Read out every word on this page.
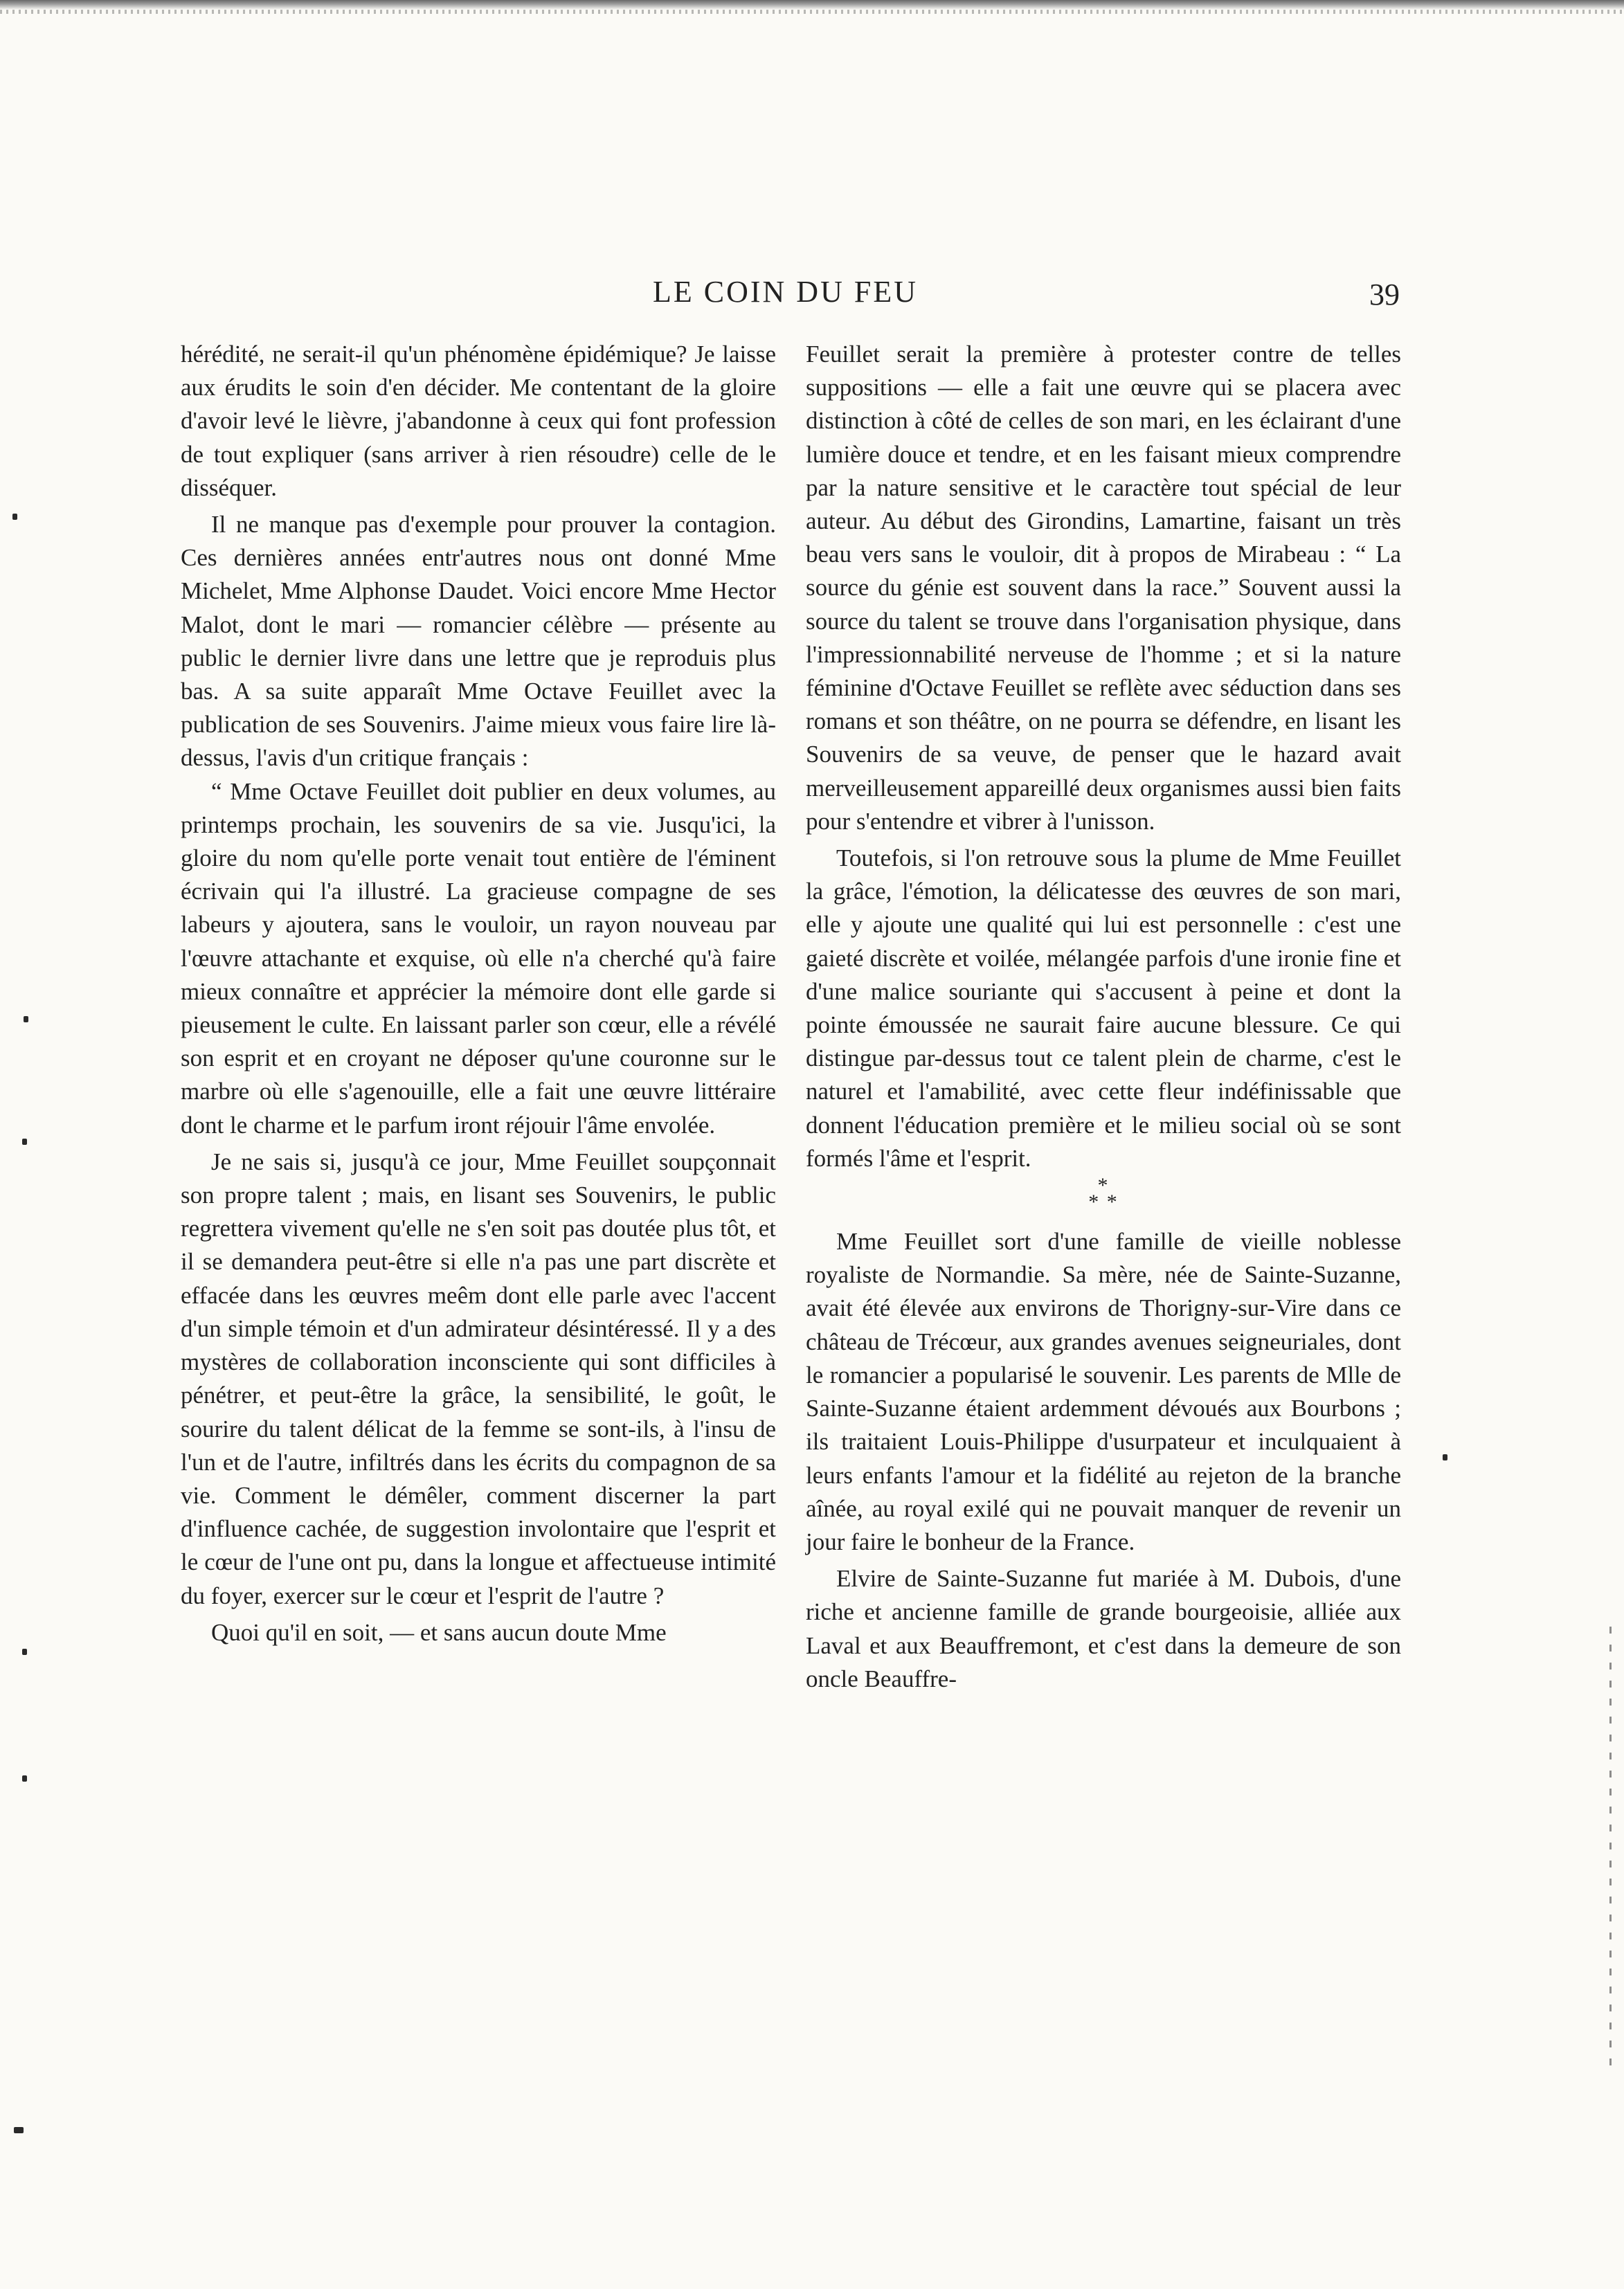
LE COIN DU FEU	39

hérédité, ne serait-il qu'un phénomène épidémique? Je laisse aux érudits le soin d'en décider. Me contentant de la gloire d'avoir levé le lièvre, j'abandonne à ceux qui font profession de tout expliquer (sans arriver à rien résoudre) celle de le disséquer.

Il ne manque pas d'exemple pour prouver la contagion. Ces dernières années entr'autres nous ont donné Mme Michelet, Mme Alphonse Daudet. Voici encore Mme Hector Malot, dont le mari — romancier célèbre — présente au public le dernier livre dans une lettre que je reproduis plus bas. A sa suite apparaît Mme Octave Feuillet avec la publication de ses Souvenirs. J'aime mieux vous faire lire là-dessus, l'avis d'un critique français :

“ Mme Octave Feuillet doit publier en deux volumes, au printemps prochain, les souvenirs de sa vie. Jusqu'ici, la gloire du nom qu'elle porte venait tout entière de l'éminent écrivain qui l'a illustré. La gracieuse compagne de ses labeurs y ajoutera, sans le vouloir, un rayon nouveau par l'œuvre attachante et exquise, où elle n'a cherché qu'à faire mieux connaître et apprécier la mémoire dont elle garde si pieusement le culte. En laissant parler son cœur, elle a révélé son esprit et en croyant ne déposer qu'une couronne sur le marbre où elle s'agenouille, elle a fait une œuvre littéraire dont le charme et le parfum iront réjouir l'âme envolée.

Je ne sais si, jusqu'à ce jour, Mme Feuillet soupçonnait son propre talent ; mais, en lisant ses Souvenirs, le public regrettera vivement qu'elle ne s'en soit pas doutée plus tôt, et il se demandera peut-être si elle n'a pas une part discrète et effacée dans les œuvres meêm dont elle parle avec l'accent d'un simple témoin et d'un admirateur désintéressé. Il y a des mystères de collaboration inconsciente qui sont difficiles à pénétrer, et peut-être la grâce, la sensibilité, le goût, le sourire du talent délicat de la femme se sont-ils, à l'insu de l'un et de l'autre, infiltrés dans les écrits du compagnon de sa vie. Comment le démêler, comment discerner la part d'influence cachée, de suggestion involontaire que l'esprit et le cœur de l'une ont pu, dans la longue et affectueuse intimité du foyer, exercer sur le cœur et l'esprit de l'autre ?

Quoi qu'il en soit, — et sans aucun doute Mme

Feuillet serait la première à protester contre de telles suppositions — elle a fait une œuvre qui se placera avec distinction à côté de celles de son mari, en les éclairant d'une lumière douce et tendre, et en les faisant mieux comprendre par la nature sensitive et le caractère tout spécial de leur auteur. Au début des Girondins, Lamartine, faisant un très beau vers sans le vouloir, dit à propos de Mirabeau : “ La source du génie est souvent dans la race.” Souvent aussi la source du talent se trouve dans l'organisation physique, dans l'impressionnabilité nerveuse de l'homme ; et si la nature féminine d'Octave Feuillet se reflète avec séduction dans ses romans et son théâtre, on ne pourra se défendre, en lisant les Souvenirs de sa veuve, de penser que le hazard avait merveilleusement appareillé deux organismes aussi bien faits pour s'entendre et vibrer à l'unisson.

Toutefois, si l'on retrouve sous la plume de Mme Feuillet la grâce, l'émotion, la délicatesse des œuvres de son mari, elle y ajoute une qualité qui lui est personnelle : c'est une gaieté discrète et voilée, mélangée parfois d'une ironie fine et d'une malice souriante qui s'accusent à peine et dont la pointe émoussée ne saurait faire aucune blessure. Ce qui distingue par-dessus tout ce talent plein de charme, c'est le naturel et l'amabilité, avec cette fleur indéfinissable que donnent l'éducation première et le milieu social où se sont formés l'âme et l'esprit.

*
* *

Mme Feuillet sort d'une famille de vieille noblesse royaliste de Normandie. Sa mère, née de Sainte-Suzanne, avait été élevée aux environs de Thorigny-sur-Vire dans ce château de Trécœur, aux grandes avenues seigneuriales, dont le romancier a popularisé le souvenir. Les parents de Mlle de Sainte-Suzanne étaient ardemment dévoués aux Bourbons ; ils traitaient Louis-Philippe d'usurpateur et inculquaient à leurs enfants l'amour et la fidélité au rejeton de la branche aînée, au royal exilé qui ne pouvait manquer de revenir un jour faire le bonheur de la France.

Elvire de Sainte-Suzanne fut mariée à M. Dubois, d'une riche et ancienne famille de grande bourgeoisie, alliée aux Laval et aux Beauffremont, et c'est dans la demeure de son oncle Beauffre-
